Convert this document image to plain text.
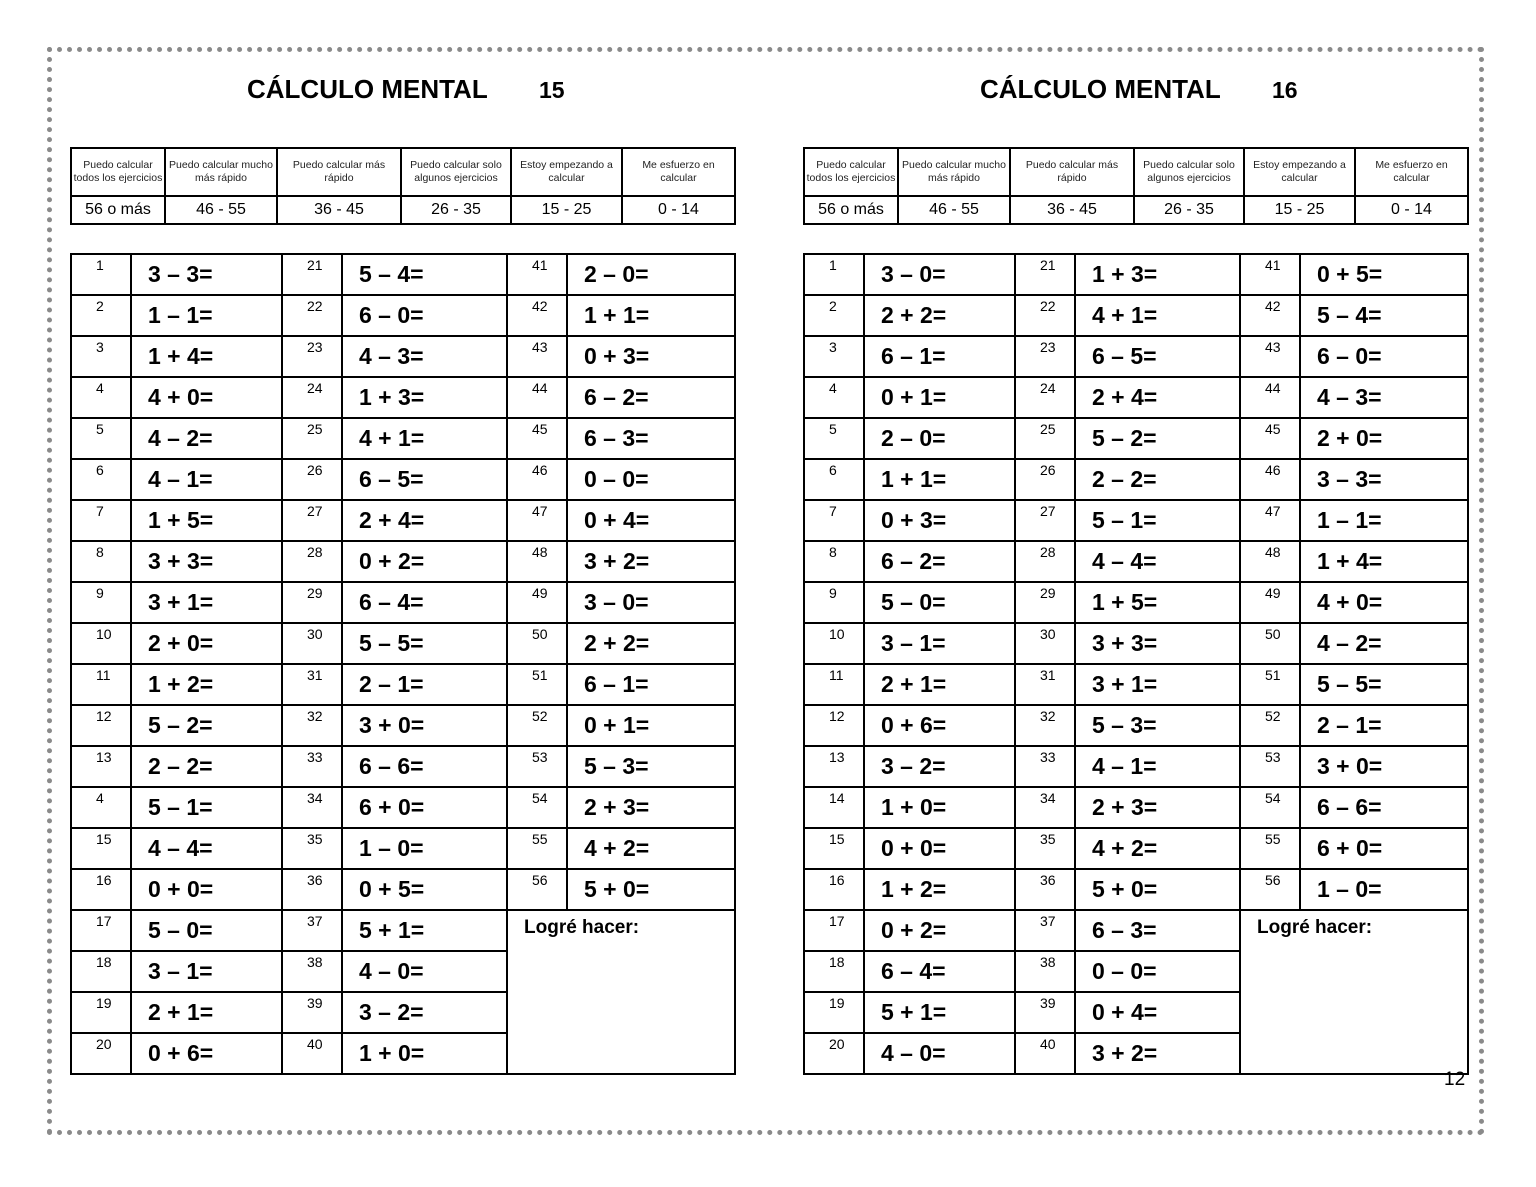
CÁLCULO MENTAL 15
Puedo calcular todos los ejercicios	Puedo calcular mucho más rápido	Puedo calcular más rápido	Puedo calcular solo algunos ejercicios	Estoy empezando a calcular	Me esfuerzo en calcular
56 o más	46 - 55	36 - 45	26 - 35	15 - 25	0 - 14
1	3 – 3=	21	5 – 4=	41	2 – 0=
2	1 – 1=	22	6 – 0=	42	1 + 1=
3	1 + 4=	23	4 – 3=	43	0 + 3=
4	4 + 0=	24	1 + 3=	44	6 – 2=
5	4 – 2=	25	4 + 1=	45	6 – 3=
6	4 – 1=	26	6 – 5=	46	0 – 0=
7	1 + 5=	27	2 + 4=	47	0 + 4=
8	3 + 3=	28	0 + 2=	48	3 + 2=
9	3 + 1=	29	6 – 4=	49	3 – 0=
10	2 + 0=	30	5 – 5=	50	2 + 2=
11	1 + 2=	31	2 – 1=	51	6 – 1=
12	5 – 2=	32	3 + 0=	52	0 + 1=
13	2 – 2=	33	6 – 6=	53	5 – 3=
4	5 – 1=	34	6 + 0=	54	2 + 3=
15	4 – 4=	35	1 – 0=	55	4 + 2=
16	0 + 0=	36	0 + 5=	56	5 + 0=
17	5 – 0=	37	5 + 1=	Logré hacer:	
18	3 – 1=	38	4 – 0=		
19	2 + 1=	39	3 – 2=		
20	0 + 6=	40	1 + 0=		
CÁLCULO MENTAL 16
Puedo calcular todos los ejercicios	Puedo calcular mucho más rápido	Puedo calcular más rápido	Puedo calcular solo algunos ejercicios	Estoy empezando a calcular	Me esfuerzo en calcular
56 o más	46 - 55	36 - 45	26 - 35	15 - 25	0 - 14
1	3 – 0=	21	1 + 3=	41	0 + 5=
2	2 + 2=	22	4 + 1=	42	5 – 4=
3	6 – 1=	23	6 – 5=	43	6 – 0=
4	0 + 1=	24	2 + 4=	44	4 – 3=
5	2 – 0=	25	5 – 2=	45	2 + 0=
6	1 + 1=	26	2 – 2=	46	3 – 3=
7	0 + 3=	27	5 – 1=	47	1 – 1=
8	6 – 2=	28	4 – 4=	48	1 + 4=
9	5 – 0=	29	1 + 5=	49	4 + 0=
10	3 – 1=	30	3 + 3=	50	4 – 2=
11	2 + 1=	31	3 + 1=	51	5 – 5=
12	0 + 6=	32	5 – 3=	52	2 – 1=
13	3 – 2=	33	4 – 1=	53	3 + 0=
14	1 + 0=	34	2 + 3=	54	6 – 6=
15	0 + 0=	35	4 + 2=	55	6 + 0=
16	1 + 2=	36	5 + 0=	56	1 – 0=
17	0 + 2=	37	6 – 3=	Logré hacer:	
18	6 – 4=	38	0 – 0=		
19	5 + 1=	39	0 + 4=		
20	4 – 0=	40	3 + 2=		
12
